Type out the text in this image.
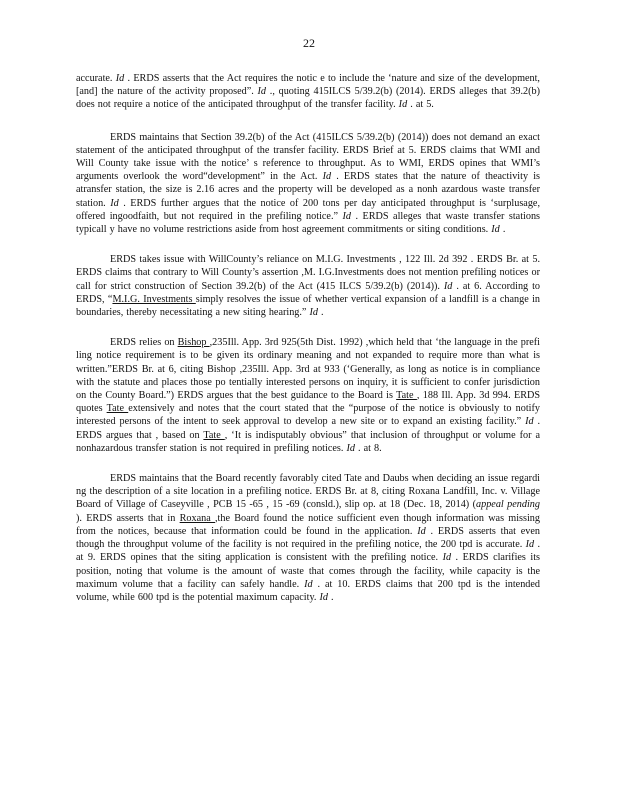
22

accurate. Id . ERDS asserts that the Act requires the notic e to include the ‘nature and size of the development, [and] the nature of the activity proposed”. Id ., quoting 415ILCS 5/39.2(b) (2014). ERDS alleges that 39.2(b) does not require a notice of the anticipated throughput of the transfer facility. Id . at 5.

ERDS maintains that Section 39.2(b) of the Act (415ILCS 5/39.2(b) (2014)) does not demand an exact statement of the anticipated throughput of the transfer facility. ERDS Brief at 5. ERDS claims that WMI and Will County take issue with the notice’ s reference to throughput. As to WMI, ERDS opines that WMI’s arguments overlook the word“development” in the Act. Id . ERDS states that the nature of theactivity is atransfer station, the size is 2.16 acres and the property will be developed as a nonh azardous waste transfer station. Id . ERDS further argues that the notice of 200 tons per day anticipated throughput is ‘surplusage, offered ingoodfaith, but not required in the prefiling notice.” Id . ERDS alleges that waste transfer stations typicall y have no volume restrictions aside from host agreement commitments or siting conditions. Id .

ERDS takes issue with WillCounty’s reliance on M.I.G. Investments , 122 Ill. 2d 392 . ERDS Br. at 5. ERDS claims that contrary to Will County’s assertion ,M. I.G.Investments does not mention prefiling notices or call for strict construction of Section 39.2(b) of the Act (415 ILCS 5/39.2(b) (2014)). Id . at 6. According to ERDS, “M.I.G. Investments simply resolves the issue of whether vertical expansion of a landfill is a change in boundaries, thereby necessitating a new siting hearing.” Id .

ERDS relies on Bishop ,235Ill. App. 3rd 925(5th Dist. 1992) ,which held that ‘the language in the prefi ling notice requirement is to be given its ordinary meaning and not expanded to require more than what is written.”ERDS Br. at 6, citing Bishop ,235Ill. App. 3rd at 933 (‘Generally, as long as notice is in compliance with the statute and places those po tentially interested persons on inquiry, it is sufficient to confer jurisdiction on the County Board.”) ERDS argues that the best guidance to the Board is Tate , 188 Ill. App. 3d 994. ERDS quotes Tate extensively and notes that the court stated that the “purpose of the notice is obviously to notify interested persons of the intent to seek approval to develop a new site or to expand an existing facility.” Id . ERDS argues that , based on Tate , ‘It is indisputably obvious” that inclusion of throughput or volume for a nonhazardous transfer station is not required in prefiling notices. Id . at 8.

ERDS maintains that the Board recently favorably cited Tate and Daubs when deciding an issue regardi ng the description of a site location in a prefiling notice. ERDS Br. at 8, citing Roxana Landfill, Inc. v. Village Board of Village of Caseyville , PCB 15 -65 , 15 -69 (consld.), slip op. at 18 (Dec. 18, 2014) (appeal pending ). ERDS asserts that in Roxana ,the Board found the notice sufficient even though information was missing from the notices, because that information could be found in the application. Id . ERDS asserts that even though the throughput volume of the facility is not required in the prefiling notice, the 200 tpd is accurate. Id . at 9. ERDS opines that the siting application is consistent with the prefiling notice. Id . ERDS clarifies its position, noting that volume is the amount of waste that comes through the facility, while capacity is the maximum volume that a facility can safely handle. Id . at 10. ERDS claims that 200 tpd is the intended volume, while 600 tpd is the potential maximum capacity. Id .
